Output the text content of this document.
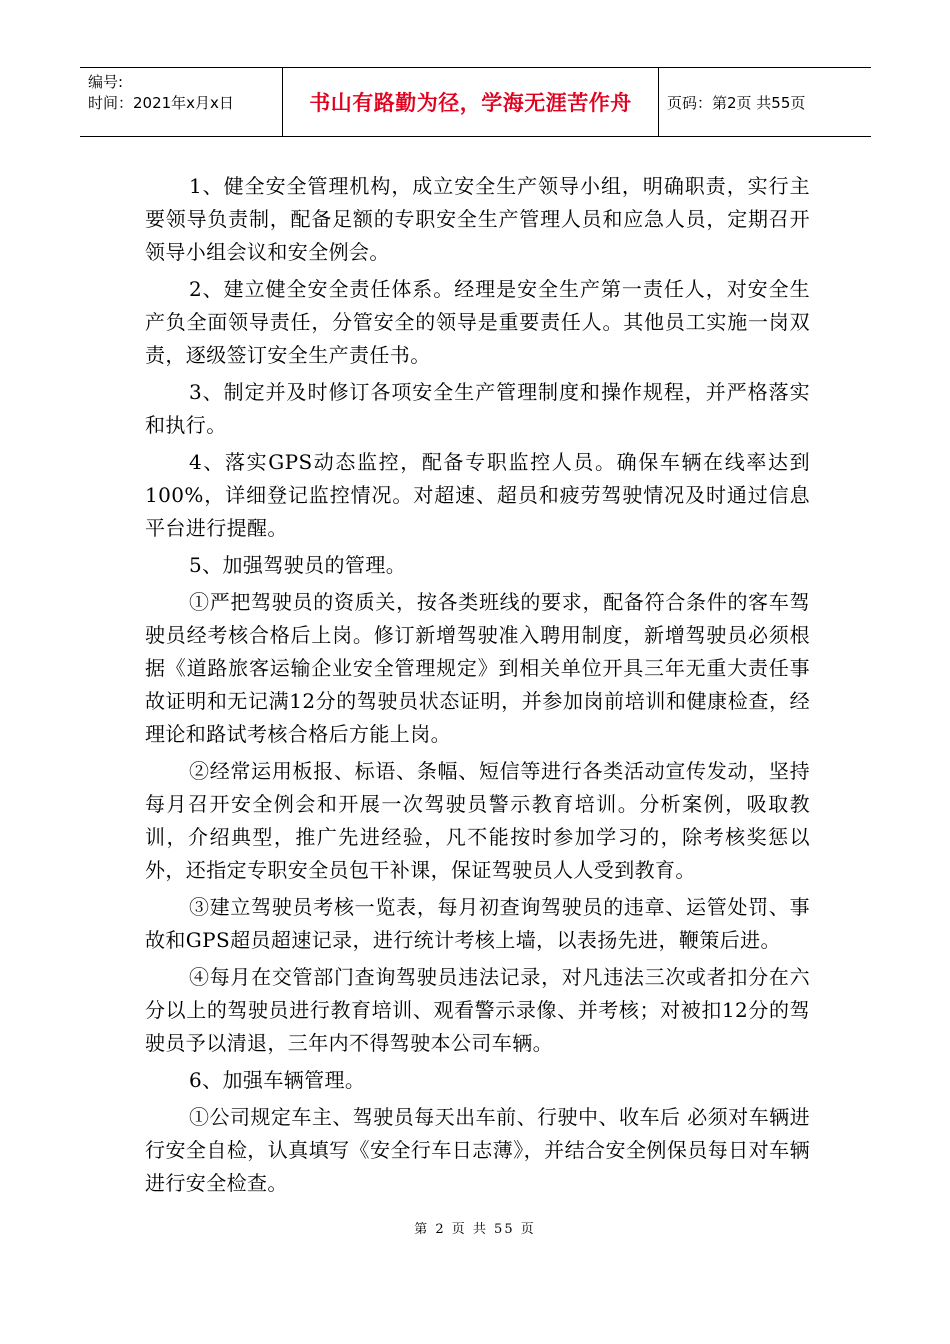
编号:
时间：2021年x月x日	书山有路勤为径，学海无涯苦作舟	页码：第2页 共55页

1、健全安全管理机构，成立安全生产领导小组，明确职责，实行主要领导负责制，配备足额的专职安全生产管理人员和应急人员，定期召开领导小组会议和安全例会。

2、建立健全安全责任体系。经理是安全生产第一责任人，对安全生产负全面领导责任，分管安全的领导是重要责任人。其他员工实施一岗双责，逐级签订安全生产责任书。

3、制定并及时修订各项安全生产管理制度和操作规程，并严格落实和执行。

4、落实GPS动态监控，配备专职监控人员。确保车辆在线率达到100%，详细登记监控情况。对超速、超员和疲劳驾驶情况及时通过信息平台进行提醒。

5、加强驾驶员的管理。

①严把驾驶员的资质关，按各类班线的要求，配备符合条件的客车驾驶员经考核合格后上岗。修订新增驾驶准入聘用制度，新增驾驶员必须根据《道路旅客运输企业安全管理规定》到相关单位开具三年无重大责任事故证明和无记满12分的驾驶员状态证明，并参加岗前培训和健康检查，经理论和路试考核合格后方能上岗。

②经常运用板报、标语、条幅、短信等进行各类活动宣传发动，坚持每月召开安全例会和开展一次驾驶员警示教育培训。分析案例，吸取教训，介绍典型，推广先进经验，凡不能按时参加学习的，除考核奖惩以外，还指定专职安全员包干补课，保证驾驶员人人受到教育。

③建立驾驶员考核一览表，每月初查询驾驶员的违章、运管处罚、事故和GPS超员超速记录，进行统计考核上墙，以表扬先进，鞭策后进。

④每月在交管部门查询驾驶员违法记录，对凡违法三次或者扣分在六分以上的驾驶员进行教育培训、观看警示录像、并考核；对被扣12分的驾驶员予以清退，三年内不得驾驶本公司车辆。

6、加强车辆管理。

①公司规定车主、驾驶员每天出车前、行驶中、收车后 必须对车辆进行安全自检，认真填写《安全行车日志薄》，并结合安全例保员每日对车辆进行安全检查。

第 2 页 共 55 页
